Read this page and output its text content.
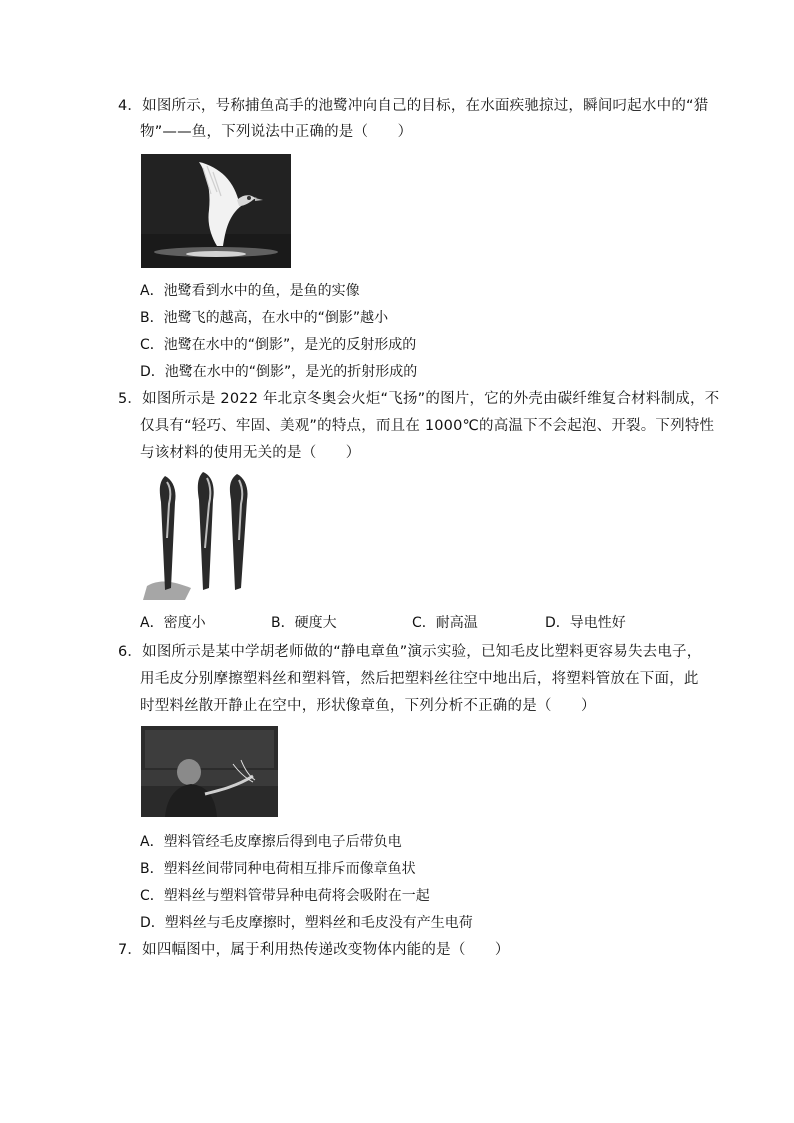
4．如图所示，号称捕鱼高手的池鹭冲向自己的目标，在水面疾驰掠过，瞬间叼起水中的“猎
物”——鱼，下列说法中正确的是（　　）
A．池鹭看到水中的鱼，是鱼的实像
B．池鹭飞的越高，在水中的“倒影”越小
C．池鹭在水中的“倒影”，是光的反射形成的
D．池鹭在水中的“倒影”，是光的折射形成的
5．如图所示是 2022 年北京冬奥会火炬“飞扬”的图片，它的外壳由碳纤维复合材料制成，不
仅具有“轻巧、牢固、美观”的特点，而且在 1000℃的高温下不会起泡、开裂。下列特性
与该材料的使用无关的是（　　）
A．密度小	B．硬度大	C．耐高温	D．导电性好
6．如图所示是某中学胡老师做的“静电章鱼”演示实验，已知毛皮比塑料更容易失去电子，
用毛皮分别摩擦塑料丝和塑料管，然后把塑料丝往空中地出后，将塑料管放在下面，此
时型料丝散开静止在空中，形状像章鱼，下列分析不正确的是（　　）
A．塑料管经毛皮摩擦后得到电子后带负电
B．塑料丝间带同种电荷相互排斥而像章鱼状
C．塑料丝与塑料管带异种电荷将会吸附在一起
D．塑料丝与毛皮摩擦时，塑料丝和毛皮没有产生电荷
7．如四幅图中，属于利用热传递改变物体内能的是（　　）
